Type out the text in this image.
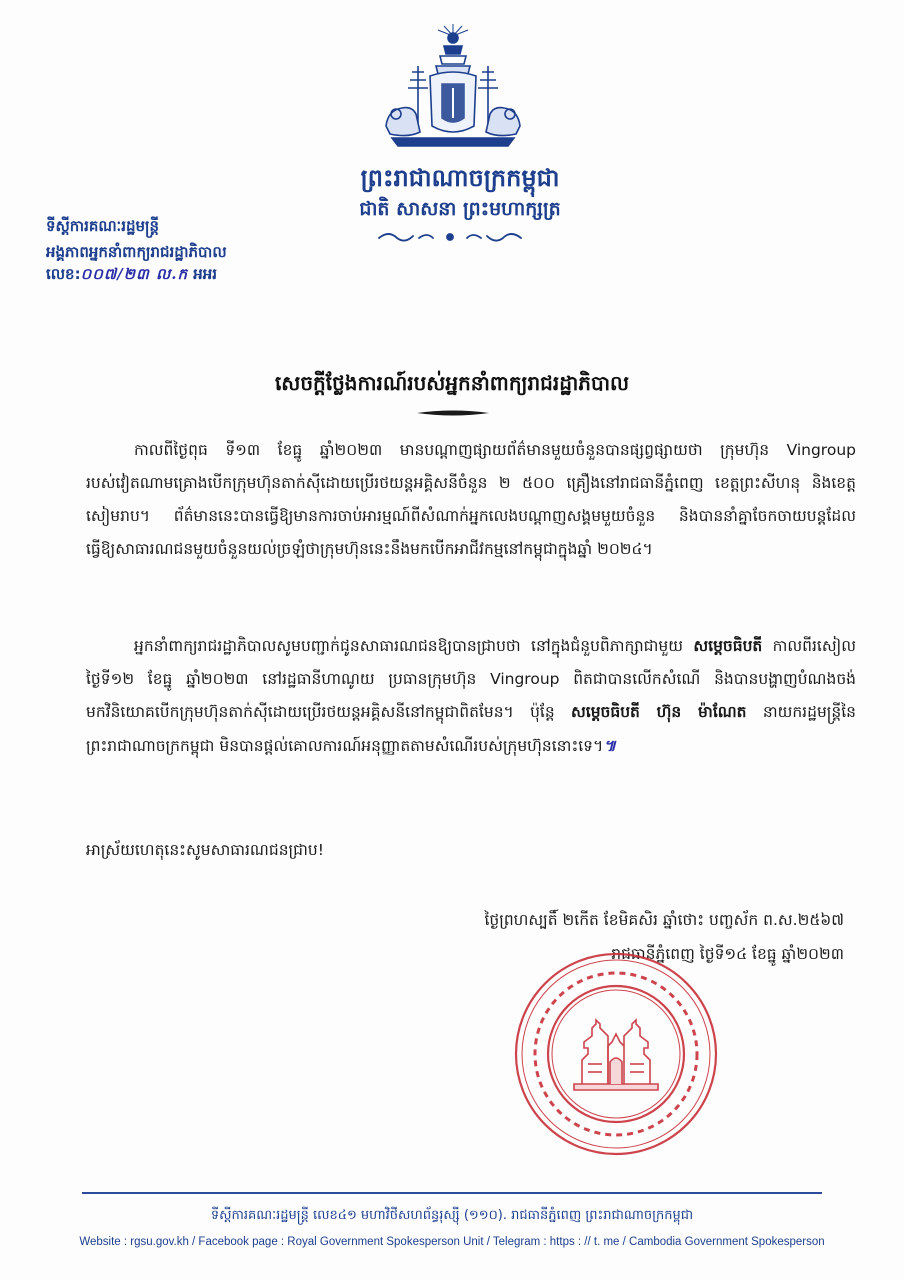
ព្រះរាជាណាចក្រកម្ពុជា
ជាតិ សាសនា ព្រះមហាក្សត្រ
ទីស្តីការគណៈរដ្ឋមន្ត្រី
អង្គភាពអ្នកនាំពាក្យរាជរដ្ឋាភិបាល
លេខ:០០៧/២៣ ល.ក អអរ
សេចក្តីថ្លែងការណ៍របស់អ្នកនាំពាក្យរាជរដ្ឋាភិបាល
កាលពីថ្ងៃពុធ ទី១៣ ខែធ្នូ ឆ្នាំ២០២៣ មានបណ្តាញផ្សាយព័ត៌មានមួយចំនួនបានផ្សព្វផ្សាយថា ក្រុមហ៊ុន Vingroup របស់វៀតណាមគ្រោងបើកក្រុមហ៊ុនតាក់ស៊ីដោយប្រើរថយន្តអគ្គិសនីចំនួន ២ ៥០០ គ្រឿងនៅរាជធានីភ្នំពេញ ខេត្តព្រះសីហនុ និងខេត្តសៀមរាប។ ព័ត៌មាននេះបានធ្វើឱ្យមានការចាប់អារម្មណ៍ពីសំណាក់អ្នកលេងបណ្តាញសង្គមមួយចំនួន និងបាននាំគ្នាចែកចាយបន្តដែលធ្វើឱ្យសាធារណជនមួយចំនួនយល់ច្រឡំថាក្រុមហ៊ុននេះនឹងមកបើកអាជីវកម្មនៅកម្ពុជាក្នុងឆ្នាំ ២០២៤។
អ្នកនាំពាក្យរាជរដ្ឋាភិបាលសូមបញ្ជាក់ជូនសាធារណជនឱ្យបានជ្រាបថា នៅក្នុងជំនួបពិភាក្សាជាមួយ សម្តេចធិបតី កាលពីរសៀលថ្ងៃទី១២ ខែធ្នូ ឆ្នាំ២០២៣ នៅរដ្ឋធានីហាណូយ ប្រធានក្រុមហ៊ុន Vingroup ពិតជាបានលើកសំណើ និងបានបង្ហាញបំណងចង់មកវិនិយោគបើកក្រុមហ៊ុនតាក់ស៊ីដោយប្រើរថយន្តអគ្គិសនីនៅកម្ពុជាពិតមែន។ ប៉ុន្តែ សម្តេចធិបតី ហ៊ុន ម៉ាណែត នាយករដ្ឋមន្ត្រីនៃព្រះរាជាណាចក្រកម្ពុជា មិនបានផ្តល់គោលការណ៍អនុញ្ញាតតាមសំណើរបស់ក្រុមហ៊ុននោះទេ។៕
អាស្រ័យហេតុនេះសូមសាធារណជនជ្រាប!
ថ្ងៃព្រហស្បតិ៍ ២កើត ខែមិគសិរ ឆ្នាំថោះ បញ្ចស័ក ព.ស.២៥៦៧
រាជធានីភ្នំពេញ ថ្ងៃទី១៤ ខែធ្នូ ឆ្នាំ២០២៣
ទីស្តីការគណៈរដ្ឋមន្ត្រី លេខ៤១ មហាវិថីសហព័ន្ធរុស្ស៊ី (១១០). រាជធានីភ្នំពេញ ព្រះរាជាណាចក្រកម្ពុជា
Website : rgsu.gov.kh / Facebook page : Royal Government Spokesperson Unit / Telegram : https : // t. me / Cambodia Government Spokesperson
